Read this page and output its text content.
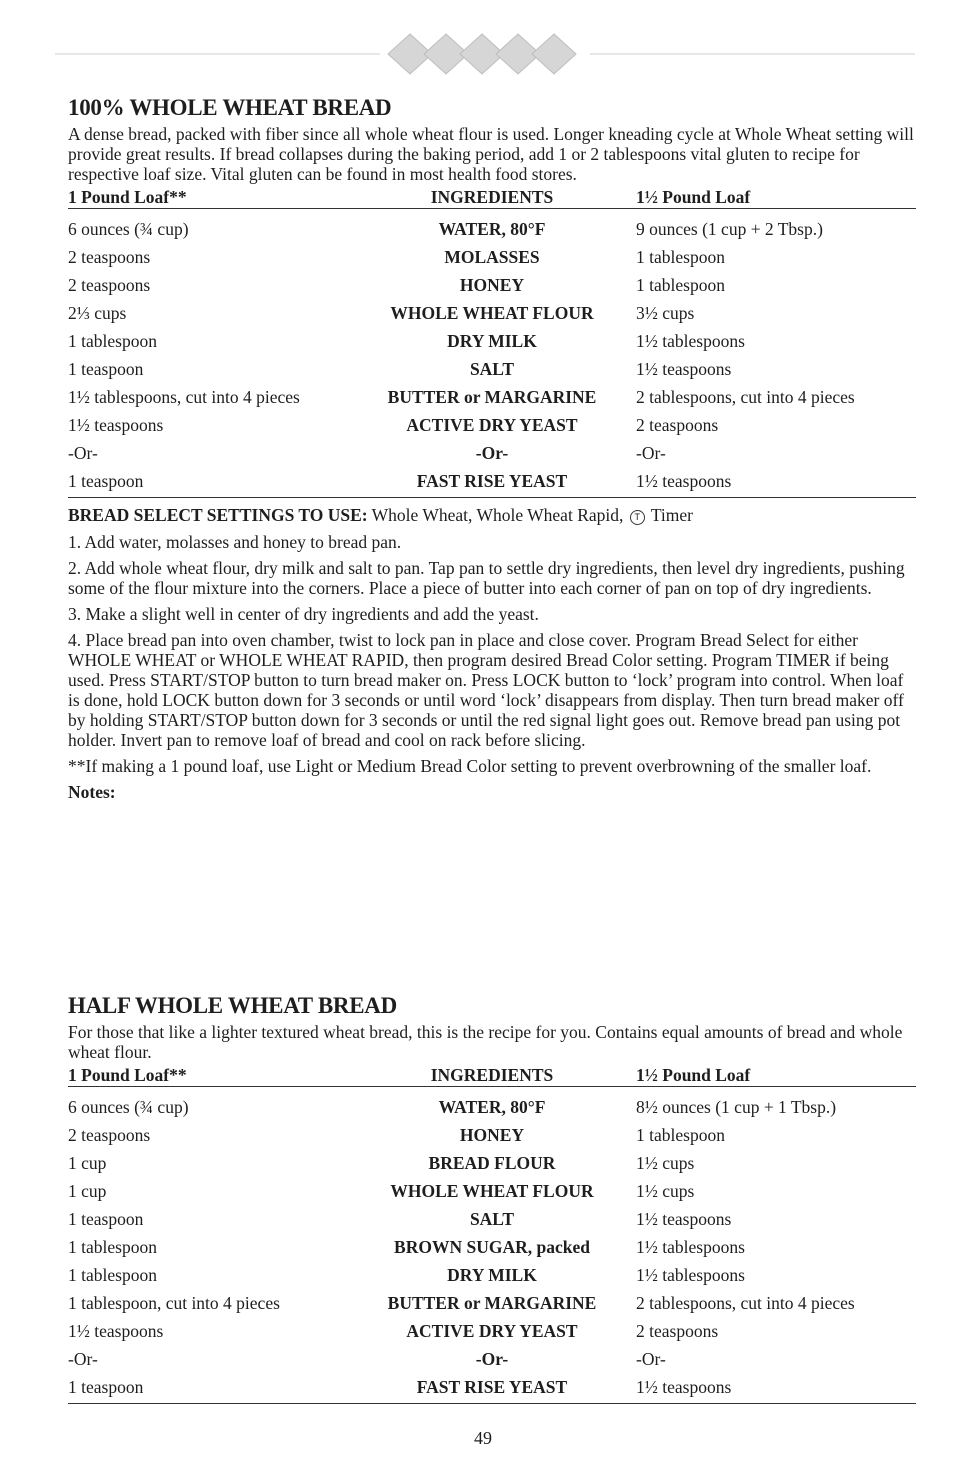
100% WHOLE WHEAT BREAD

A dense bread, packed with fiber since all whole wheat flour is used. Longer kneading cycle at Whole Wheat setting will provide great results. If bread collapses during the baking period, add 1 or 2 tablespoons vital gluten to recipe for respective loaf size. Vital gluten can be found in most health food stores.

1 Pound Loaf**	INGREDIENTS	1½ Pound Loaf
6 ounces (¾ cup)	WATER, 80°F	9 ounces (1 cup + 2 Tbsp.)
2 teaspoons	MOLASSES	1 tablespoon
2 teaspoons	HONEY	1 tablespoon
2⅓ cups	WHOLE WHEAT FLOUR	3½ cups
1 tablespoon	DRY MILK	1½ tablespoons
1 teaspoon	SALT	1½ teaspoons
1½ tablespoons, cut into 4 pieces	BUTTER or MARGARINE	2 tablespoons, cut into 4 pieces
1½ teaspoons	ACTIVE DRY YEAST	2 teaspoons
-Or-	-Or-	-Or-
1 teaspoon	FAST RISE YEAST	1½ teaspoons
BREAD SELECT SETTINGS TO USE: Whole Wheat, Whole Wheat Rapid, T Timer

1. Add water, molasses and honey to bread pan.

2. Add whole wheat flour, dry milk and salt to pan. Tap pan to settle dry ingredients, then level dry ingredients, pushing some of the flour mixture into the corners. Place a piece of butter into each corner of pan on top of dry ingredients.

3. Make a slight well in center of dry ingredients and add the yeast.

4. Place bread pan into oven chamber, twist to lock pan in place and close cover. Program Bread Select for either WHOLE WHEAT or WHOLE WHEAT RAPID, then program desired Bread Color setting. Program TIMER if being used. Press START/STOP button to turn bread maker on. Press LOCK button to ‘lock’ program into control. When loaf is done, hold LOCK button down for 3 seconds or until word ‘lock’ disappears from display. Then turn bread maker off by holding START/STOP button down for 3 seconds or until the red signal light goes out. Remove bread pan using pot holder. Invert pan to remove loaf of bread and cool on rack before slicing.

**If making a 1 pound loaf, use Light or Medium Bread Color setting to prevent overbrowning of the smaller loaf.

Notes:
HALF WHOLE WHEAT BREAD

For those that like a lighter textured wheat bread, this is the recipe for you. Contains equal amounts of bread and whole wheat flour.

1 Pound Loaf**	INGREDIENTS	1½ Pound Loaf
6 ounces (¾ cup)	WATER, 80°F	8½ ounces (1 cup + 1 Tbsp.)
2 teaspoons	HONEY	1 tablespoon
1 cup	BREAD FLOUR	1½ cups
1 cup	WHOLE WHEAT FLOUR	1½ cups
1 teaspoon	SALT	1½ teaspoons
1 tablespoon	BROWN SUGAR, packed	1½ tablespoons
1 tablespoon	DRY MILK	1½ tablespoons
1 tablespoon, cut into 4 pieces	BUTTER or MARGARINE	2 tablespoons, cut into 4 pieces
1½ teaspoons	ACTIVE DRY YEAST	2 teaspoons
-Or-	-Or-	-Or-
1 teaspoon	FAST RISE YEAST	1½ teaspoons
49
